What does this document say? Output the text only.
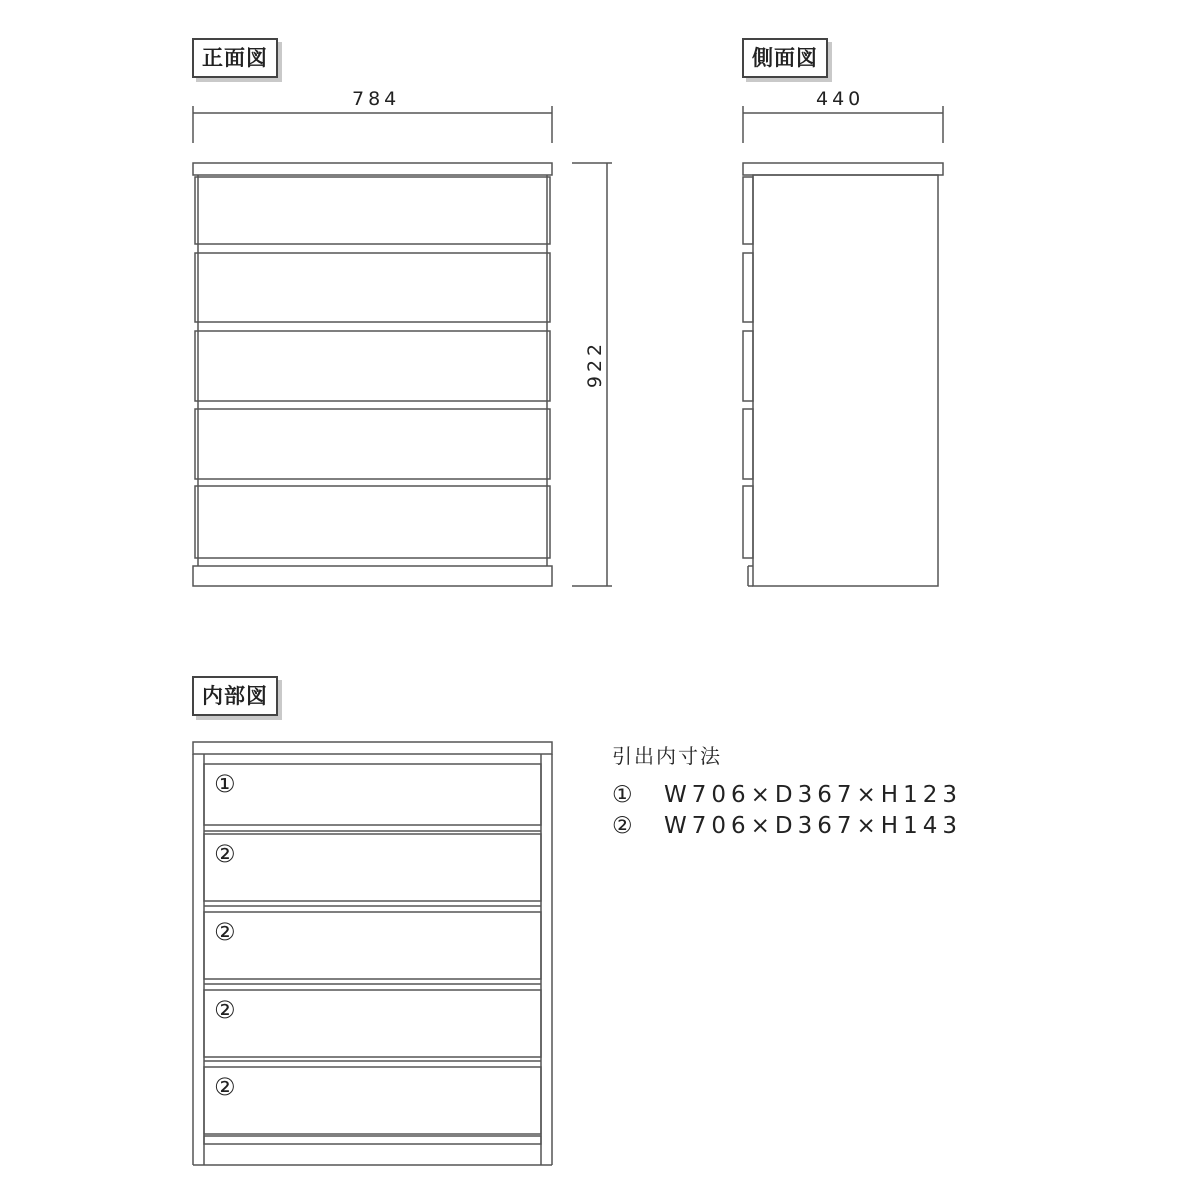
正面図	側面図
内部図
784	440
922
①
②
②
②
②
引出内寸法
① W706×D367×H123
② W706×D367×H143
